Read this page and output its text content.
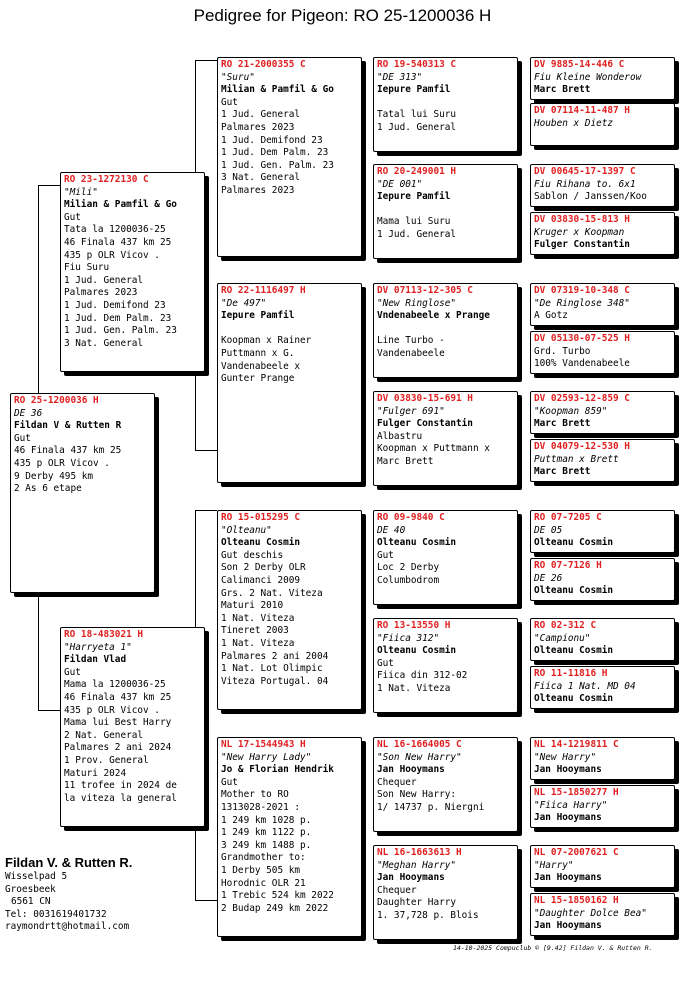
Pedigree for Pigeon: RO 25-1200036 H
RO 25-1200036 H
DE 36
Fildan V & Rutten R
Gut
46 Finala 437 km 25
435 p OLR Vicov .
9 Derby 495 km
2 As 6 etape
RO 23-1272130 C
"Mili"
Milian & Pamfil & Go
Gut
Tata la 1200036-25
46 Finala 437 km 25
435 p OLR Vicov .
Fiu Suru
1 Jud. General
Palmares 2023
1 Jud. Demifond 23
1 Jud. Dem Palm. 23
1 Jud. Gen. Palm. 23
3 Nat. General
RO 18-483021 H
"Harryeta 1"
Fildan Vlad
Gut
Mama la 1200036-25
46 Finala 437 km 25
435 p OLR Vicov .
Mama lui Best Harry
2 Nat. General
Palmares 2 ani 2024
1 Prov. General
Maturi 2024
11 trofee in 2024 de
la viteza la general
RO 21-2000355 C
"Suru"
Milian & Pamfil & Go
Gut
1 Jud. General
Palmares 2023
1 Jud. Demifond 23
1 Jud. Dem Palm. 23
1 Jud. Gen. Palm. 23
3 Nat. General
Palmares 2023
RO 22-1116497 H
"De 497"
Iepure Pamfil
Koopman x Rainer
Puttmann x G.
Vandenabeele x
Gunter Prange
RO 15-015295 C
"Olteanu"
Olteanu Cosmin
Gut deschis
Son 2 Derby OLR
Calimanci 2009
Grs. 2 Nat. Viteza
Maturi 2010
1 Nat. Viteza
Tineret 2003
1 Nat. Viteza
Palmares 2 ani 2004
1 Nat. Lot Olimpic
Viteza Portugal. 04
NL 17-1544943 H
"New Harry Lady"
Jo & Florian Hendrik
Gut
Mother to RO
1313028-2021 :
1 249 km 1028 p.
1 249 km 1122 p.
3 249 km 1488 p.
Grandmother to:
1 Derby 505 km
Horodnic OLR 21
1 Trebic 524 km 2022
2 Budap 249 km 2022
RO 19-540313 C
"DE 313"
Iepure Pamfil
Tatal lui Suru
1 Jud. General
RO 20-249001 H
"DE 001"
Iepure Pamfil
Mama lui Suru
1 Jud. General
DV 07113-12-305 C
"New Ringlose"
Vndenabeele x Prange
Line Turbo -
Vandenabeele
DV 03830-15-691 H
"Fulger 691"
Fulger Constantin
Albastru
Koopman x Puttmann x
Marc Brett
RO 09-9840 C
DE 40
Olteanu Cosmin
Gut
Loc 2 Derby
Columbodrom
RO 13-13550 H
"Fiica 312"
Olteanu Cosmin
Gut
Fiica din 312-02
1 Nat. Viteza
NL 16-1664005 C
"Son New Harry"
Jan Hooymans
Chequer
Son New Harry:
1/ 14737 p. Niergni
NL 16-1663613 H
"Meghan Harry"
Jan Hooymans
Chequer
Daughter Harry
1. 37,728 p. Blois
DV 9885-14-446 C
Fiu Kleine Wonderow
Marc Brett
DV 07114-11-487 H
Houben x Dietz
DV 00645-17-1397 C
Fiu Rihana to. 6x1
Sablon / Janssen/Koo
DV 03830-15-813 H
Kruger x Koopman
Fulger Constantin
DV 07319-10-348 C
"De Ringlose 348"
A Gotz
DV 05130-07-525 H
Grd. Turbo
100% Vandenabeele
DV 02593-12-859 C
"Koopman 859"
Marc Brett
DV 04079-12-530 H
Puttman x Brett
Marc Brett
RO 07-7205 C
DE 05
Olteanu Cosmin
RO 07-7126 H
DE 26
Olteanu Cosmin
RO 02-312 C
"Campionu"
Olteanu Cosmin
RO 11-11816 H
Fiica 1 Nat. MD 04
Olteanu Cosmin
NL 14-1219811 C
"New Harry"
Jan Hooymans
NL 15-1850277 H
"Fiica Harry"
Jan Hooymans
NL 07-2007621 C
"Harry"
Jan Hooymans
NL 15-1850162 H
"Daughter Dolce Bea"
Jan Hooymans
Fildan V. & Rutten R.
Wisselpad 5
Groesbeek
6561 CN
Tel: 0031619401732
raymondrtt@hotmail.com
14-10-2025 Compuclub © [9.42] Fildan V. & Rutten R.
